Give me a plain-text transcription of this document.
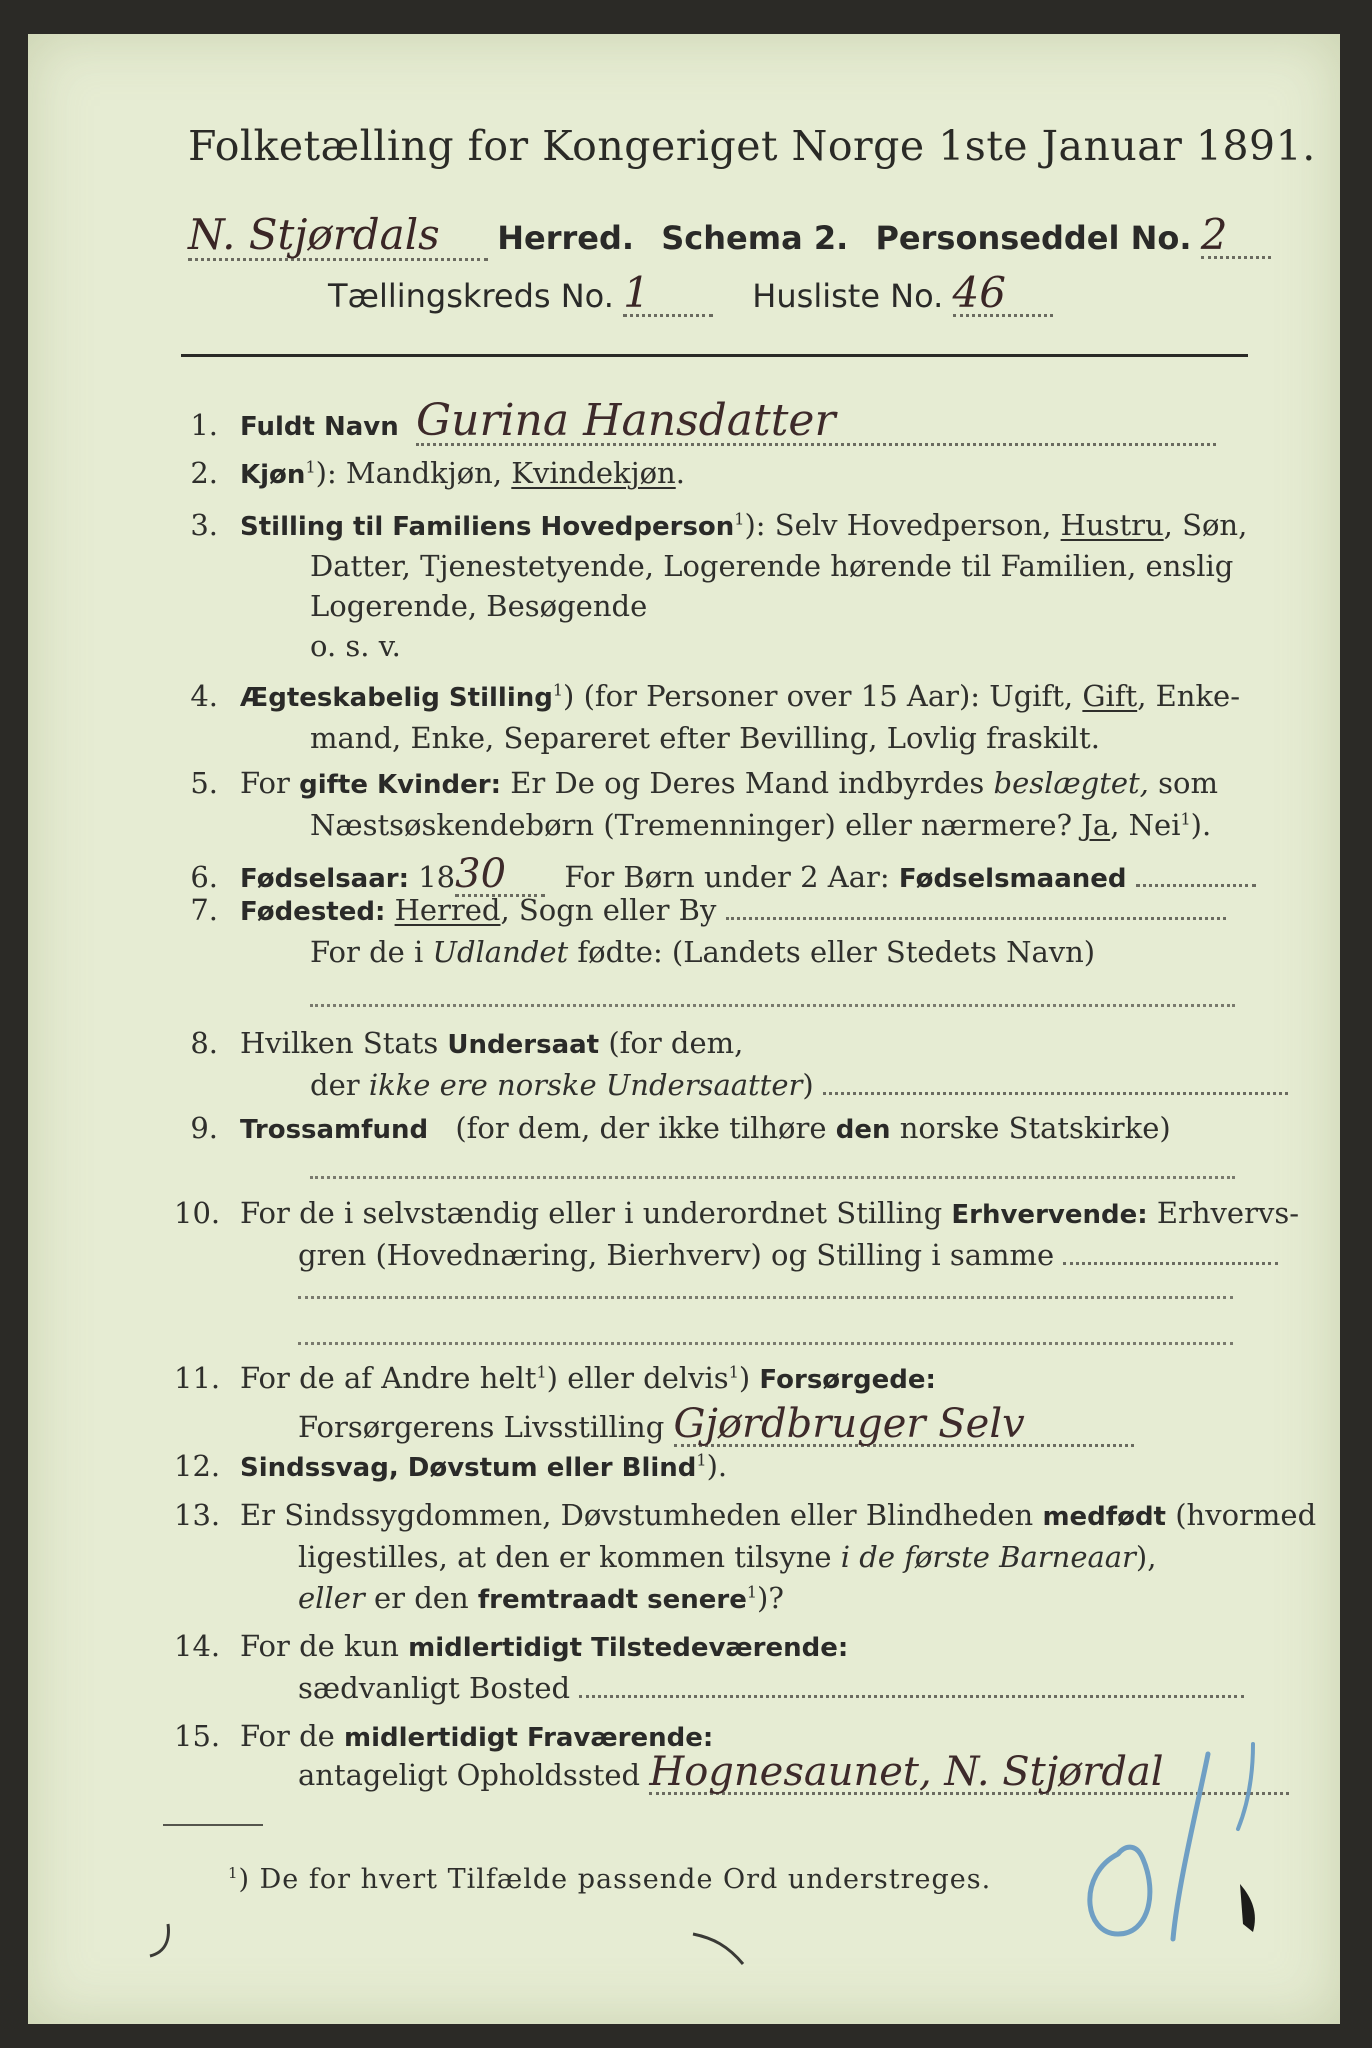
Folketælling for Kongeriget Norge 1ste Januar 1891.
N. Stjørdals Herred. Schema 2. Personseddel No. 2
Tællingskreds No. 1	Husliste No. 46
1. Fuldt Navn Gurina Hansdatter
2. Kjøn$^1$): Mandkjøn, Kvindekjøn.
3. Stilling til Familiens Hovedperson$^1$): Selv Hovedperson, Hustru, Søn,
Datter, Tjenestetyende, Logerende hørende til Familien, enslig
Logerende, Besøgende
o. s. v.
4. Ægteskabelig Stilling$^1$) (for Personer over 15 Aar): Ugift, Gift, Enke-
mand, Enke, Separeret efter Bevilling, Lovlig fraskilt.
5. For gifte Kvinder: Er De og Deres Mand indbyrdes beslægtet, som
Næstsøskendebørn (Tremenninger) eller nærmere? Ja, Nei$^1$).
6. Fødselsaar: 1830 For Børn under 2 Aar: Fødselsmaaned
7. Fødested: Herred, Sogn eller By
For de i Udlandet fødte: (Landets eller Stedets Navn)
8. Hvilken Stats Undersaat (for dem,
der ikke ere norske Undersaatter)
9. Trossamfund (for dem, der ikke tilhøre den norske Statskirke)
10. For de i selvstændig eller i underordnet Stilling Erhvervende: Erhvervs-
gren (Hovednæring, Bierhverv) og Stilling i samme
11. For de af Andre helt$^1$) eller delvis$^1$) Forsørgede:
Forsørgerens Livsstilling Gjørdbruger Selv
12. Sindssvag, Døvstum eller Blind$^1$).
13. Er Sindssygdommen, Døvstumheden eller Blindheden medfødt (hvormed
ligestilles, at den er kommen tilsyne i de første Barneaar),
eller er den fremtraadt senere$^1$)?
14. For de kun midlertidigt Tilstedeværende:
sædvanligt Bosted
15. For de midlertidigt Fraværende:
antageligt Opholdssted Hognesaunet, N. Stjørdal
$^1$) De for hvert Tilfælde passende Ord understreges.
